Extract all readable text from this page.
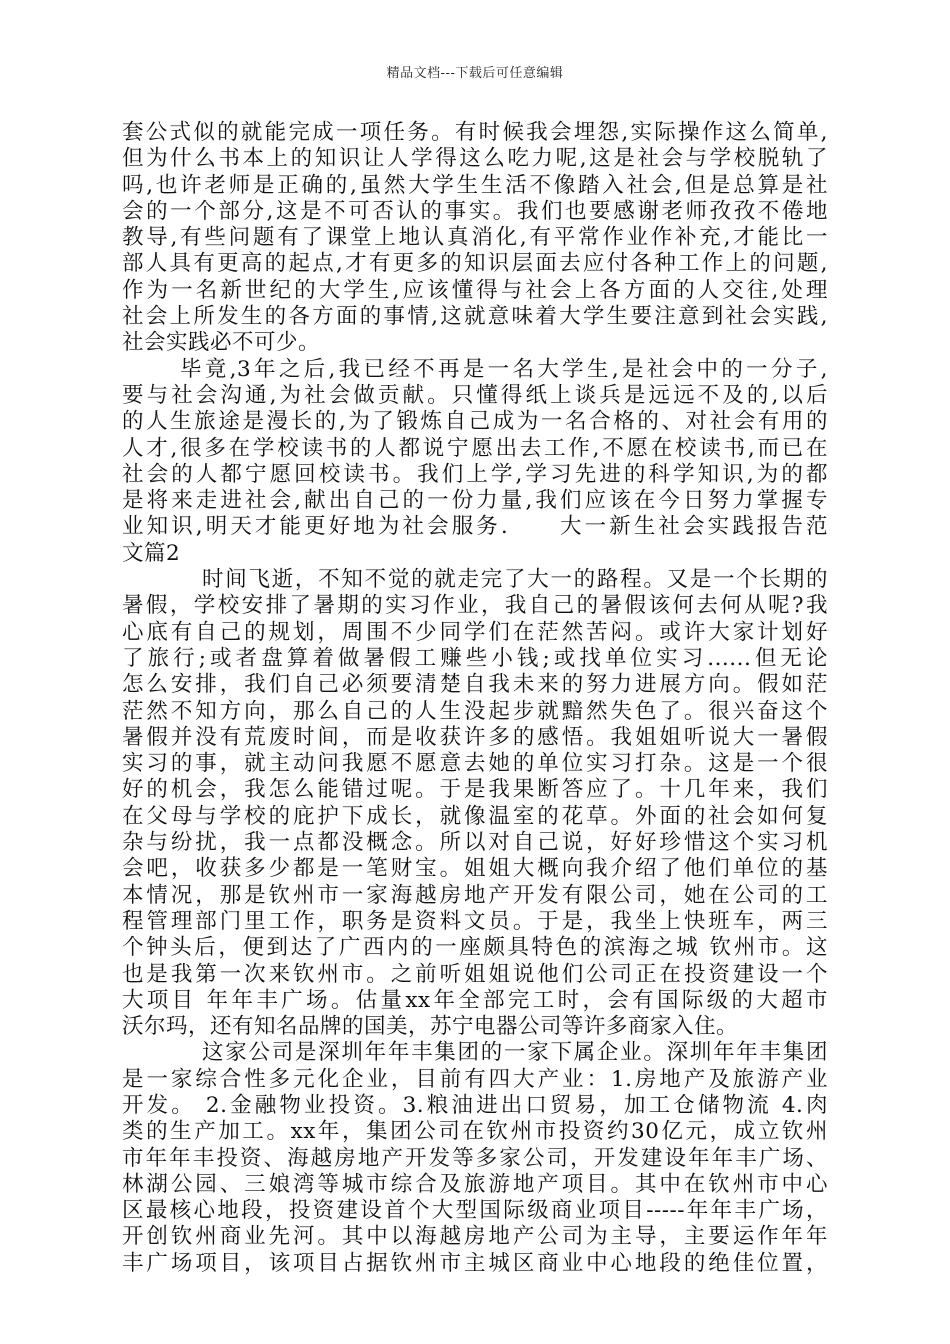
精品文档---下载后可任意编辑
套公式似的就能完成一项任务。有时候我会埋怨,实际操作这么简单,
但为什么书本上的知识让人学得这么吃力呢,这是社会与学校脱轨了
吗,也许老师是正确的,虽然大学生生活不像踏入社会,但是总算是社
会的一个部分,这是不可否认的事实。我们也要感谢老师孜孜不倦地
教导,有些问题有了课堂上地认真消化,有平常作业作补充,才能比一
部人具有更高的起点,才有更多的知识层面去应付各种工作上的问题,
作为一名新世纪的大学生,应该懂得与社会上各方面的人交往,处理
社会上所发生的各方面的事情,这就意味着大学生要注意到社会实践,
社会实践必不可少。
毕竟,3年之后,我已经不再是一名大学生,是社会中的一分子,
要与社会沟通,为社会做贡献。只懂得纸上谈兵是远远不及的,以后
的人生旅途是漫长的,为了锻炼自己成为一名合格的、对社会有用的
人才,很多在学校读书的人都说宁愿出去工作,不愿在校读书,而已在
社会的人都宁愿回校读书。我们上学,学习先进的科学知识,为的都
是将来走进社会,献出自己的一份力量,我们应该在今日努力掌握专
业知识,明天才能更好地为社会服务.　　大一新生社会实践报告范
文篇2
时间飞逝，不知不觉的就走完了大一的路程。又是一个长期的
暑假，学校安排了暑期的实习作业，我自己的暑假该何去何从呢?我
心底有自己的规划，周围不少同学们在茫然苦闷。或许大家计划好
了旅行;或者盘算着做暑假工赚些小钱;或找单位实习......但无论
怎么安排，我们自己必须要清楚自我未来的努力进展方向。假如茫
茫然不知方向，那么自己的人生没起步就黯然失色了。很兴奋这个
暑假并没有荒废时间，而是收获许多的感悟。我姐姐听说大一暑假
实习的事，就主动问我愿不愿意去她的单位实习打杂。这是一个很
好的机会，我怎么能错过呢。于是我果断答应了。十几年来，我们
在父母与学校的庇护下成长，就像温室的花草。外面的社会如何复
杂与纷扰，我一点都没概念。所以对自己说，好好珍惜这个实习机
会吧，收获多少都是一笔财宝。姐姐大概向我介绍了他们单位的基
本情况，那是钦州市一家海越房地产开发有限公司，她在公司的工
程管理部门里工作，职务是资料文员。于是，我坐上快班车，两三
个钟头后，便到达了广西内的一座颇具特色的滨海之城 钦州市。这
也是我第一次来钦州市。之前听姐姐说他们公司正在投资建设一个
大项目 年年丰广场。估量xx年全部完工时，会有国际级的大超市
沃尔玛，还有知名品牌的国美，苏宁电器公司等许多商家入住。
这家公司是深圳年年丰集团的一家下属企业。深圳年年丰集团
是一家综合性多元化企业，目前有四大产业：1.房地产及旅游产业
开发。 2.金融物业投资。3.粮油进出口贸易，加工仓储物流 4.肉
类的生产加工。xx年，集团公司在钦州市投资约30亿元，成立钦州
市年年丰投资、海越房地产开发等多家公司，开发建设年年丰广场、
林湖公园、三娘湾等城市综合及旅游地产项目。其中在钦州市中心
区最核心地段，投资建设首个大型国际级商业项目-----年年丰广场，
开创钦州商业先河。其中以海越房地产公司为主导，主要运作年年
丰广场项目，该项目占据钦州市主城区商业中心地段的绝佳位置，
